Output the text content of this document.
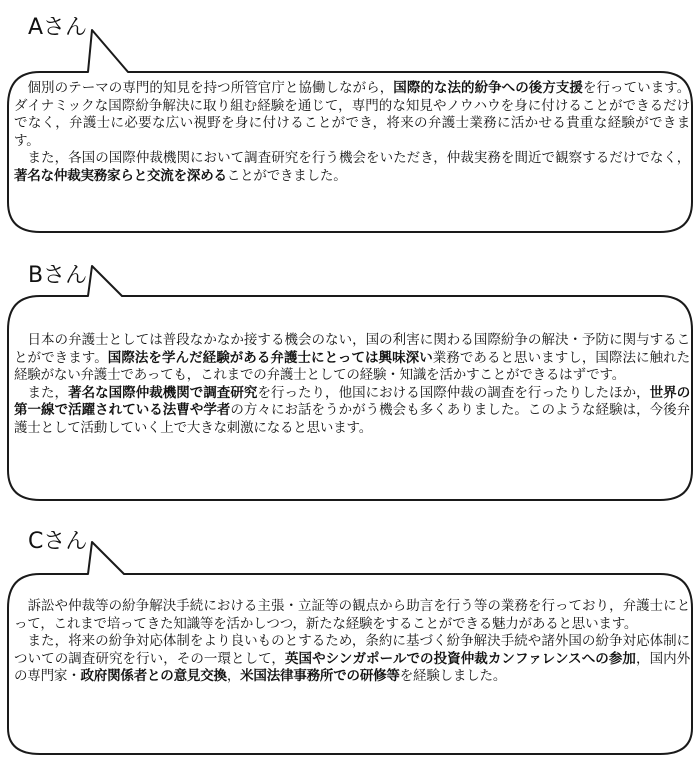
Aさん

個別のテーマの専門的知見を持つ所管官庁と協働しながら，国際的な法的紛争への後方支援を行っています。ダイナミックな国際紛争解決に取り組む経験を通じて，専門的な知見やノウハウを身に付けることができるだけでなく，弁護士に必要な広い視野を身に付けることができ，将来の弁護士業務に活かせる貴重な経験ができます。

また，各国の国際仲裁機関において調査研究を行う機会をいただき，仲裁実務を間近で観察するだけでなく，著名な仲裁実務家らと交流を深めることができました。

Bさん

日本の弁護士としては普段なかなか接する機会のない，国の利害に関わる国際紛争の解決・予防に関与することができます。国際法を学んだ経験がある弁護士にとっては興味深い業務であると思いますし，国際法に触れた経験がない弁護士であっても，これまでの弁護士としての経験・知識を活かすことができるはずです。

また，著名な国際仲裁機関で調査研究を行ったり，他国における国際仲裁の調査を行ったりしたほか，世界の第一線で活躍されている法曹や学者の方々にお話をうかがう機会も多くありました。このような経験は，今後弁護士として活動していく上で大きな刺激になると思います。

Cさん

訴訟や仲裁等の紛争解決手続における主張・立証等の観点から助言を行う等の業務を行っており，弁護士にとって，これまで培ってきた知識等を活かしつつ，新たな経験をすることができる魅力があると思います。

また，将来の紛争対応体制をより良いものとするため，条約に基づく紛争解決手続や諸外国の紛争対応体制についての調査研究を行い，その一環として，英国やシンガポールでの投資仲裁カンファレンスへの参加，国内外の専門家・政府関係者との意見交換，米国法律事務所での研修等を経験しました。
